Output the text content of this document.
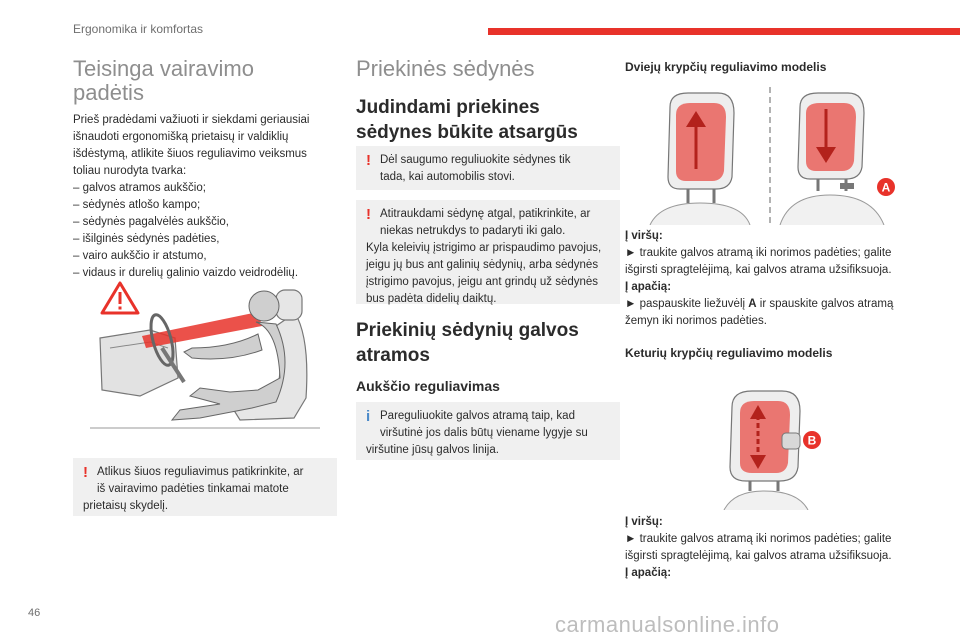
Ergonomika ir komfortas
46	carmanualsonline.info
Teisinga vairavimo
padėtis

Prieš pradėdami važiuoti ir siekdami geriausiai išnaudoti ergonomišką prietaisų ir valdiklių išdėstymą, atlikite šiuos reguliavimo veiksmus toliau nurodyta tvarka:

– galvos atramos aukščio;

– sėdynės atlošo kampo;

– sėdynės pagalvėlės aukščio,

– išilginės sėdynės padėties,

– vairo aukščio ir atstumo,

– vidaus ir durelių galinio vaizdo veidrodėlių.

! Atlikus šiuos reguliavimus patikrinkite, ar
iš vairavimo padėties tinkamai matote
prietaisų skydelį.
Priekinės sėdynės
Judindami priekines
sėdynes būkite atsargūs
! Dėl saugumo reguliuokite sėdynes tik
tada, kai automobilis stovi.
! Atitraukdami sėdynę atgal, patikrinkite, ar
niekas netrukdys to padaryti iki galo.
Kyla keleivių įstrigimo ar prispaudimo pavojus, jeigu jų bus ant galinių sėdynių, arba sėdynės įstrigimo pavojus, jeigu ant grindų už sėdynės bus padėta didelių daiktų.
Priekinių sėdynių galvos
atramos
Aukščio reguliavimas
i Pareguliuokite galvos atramą taip, kad
viršutinė jos dalis būtų viename lygyje su
viršutine jūsų galvos linija.
Dviejų krypčių reguliavimo modelis
A

Į viršų:

► traukite galvos atramą iki norimos padėties; galite išgirsti spragtelėjimą, kai galvos atrama užsifiksuoja.

Į apačią:

► paspauskite liežuvėlį A ir spauskite galvos atramą žemyn iki norimos padėties.

Keturių krypčių reguliavimo modelis
B

Į viršų:

► traukite galvos atramą iki norimos padėties; galite išgirsti spragtelėjimą, kai galvos atrama užsifiksuoja.

Į apačią:
